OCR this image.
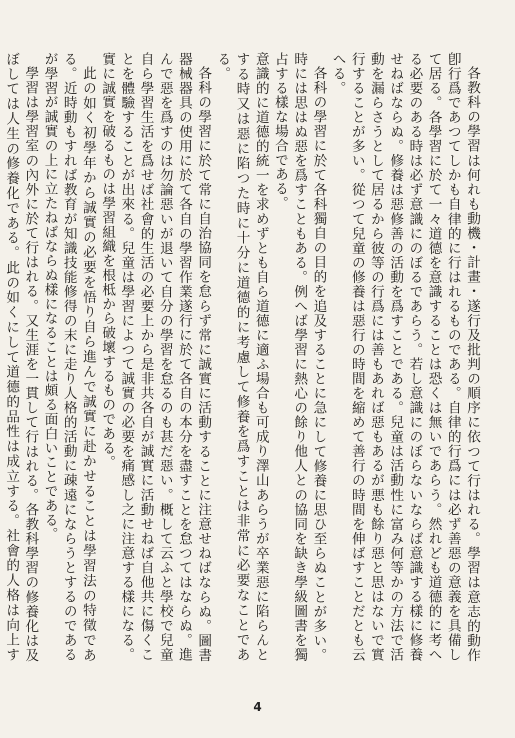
各教科の學習は何れも動機・計畫・遂行及批判の順序に依つて行はれる。學習は意志的動作卽行爲であつてしかも自律的に行はれるものである。自律的行爲には必ず善惡の意義を具備して居る。各學習に於て一々道德を意識することは恐くは無いであらう。然れども道德的に考へる必要のある時は必ず意識にのぼるであらう。若し意識にのぼらないならば意識する樣に修養せねばならぬ。修養は惡修善の活動を爲すことである。兒童は活動性に富み何等かの方法で活動を漏らさうとして居るから彼等の行爲には善もあれば惡もあるが悪も餘り惡と思はないで實行することが多い。從つて兒童の修養は惡行の時間を縮めて善行の時間を伸ばすことだとも云へる。

各科の學習に於て各科獨自の目的を追及することに急にして修養に思ひ至らぬことが多い。時には思はぬ惡を爲すこともある。例へば學習に熱心の餘り他人との協同を缺き學級圖書を獨占する樣な場合である。

意識的に道德的統一を求めずとも自ら道德に適ふ場合も可成り澤山あらうが卒業惡に陷らんとする時又は惡に陷つた時に十分に道德的に考慮して修養を爲すことは非常に必要なことである。

各科の學習に於て常に自治協同を怠らず常に誠實に活動することに注意せねばならぬ。圖書器械器具の使用に於て各自の學習作業遂行に於て各自の本分を盡すことを怠つてはならぬ。進んで惡を爲すのは勿論惡いが退いて自分の學習を怠るのも甚だ惡い。概して云ふと學校で兒童自ら學習生活を爲せば社會的生活の必要上から是非共各自が誠實に活動せねば自他共に傷くことを體驗することが出來る。兒童は學習によつて誠實の必要を痛感し之に注意する樣になる。實に誠實を破るものは學習組織を根柢から破壞するものである。

此の如く初學年から誠實の必要を悟り自ら進んで誠實に赴かせることは學習法の特徵である。近時動もすれば教育が知識技能修得の末に走り人格的活動に疎遠にならうとするのであるが學習が誠實の上に立たねばならぬ樣になることは頗る面白いことである。

學習は學習室の內外に於て行はれる。又生涯を一貫して行はれる。各教科學習の修養化は及ぼしては人生の修養化である。此の如くにして道德的品性は成立する。社會的人格は向上す

4
